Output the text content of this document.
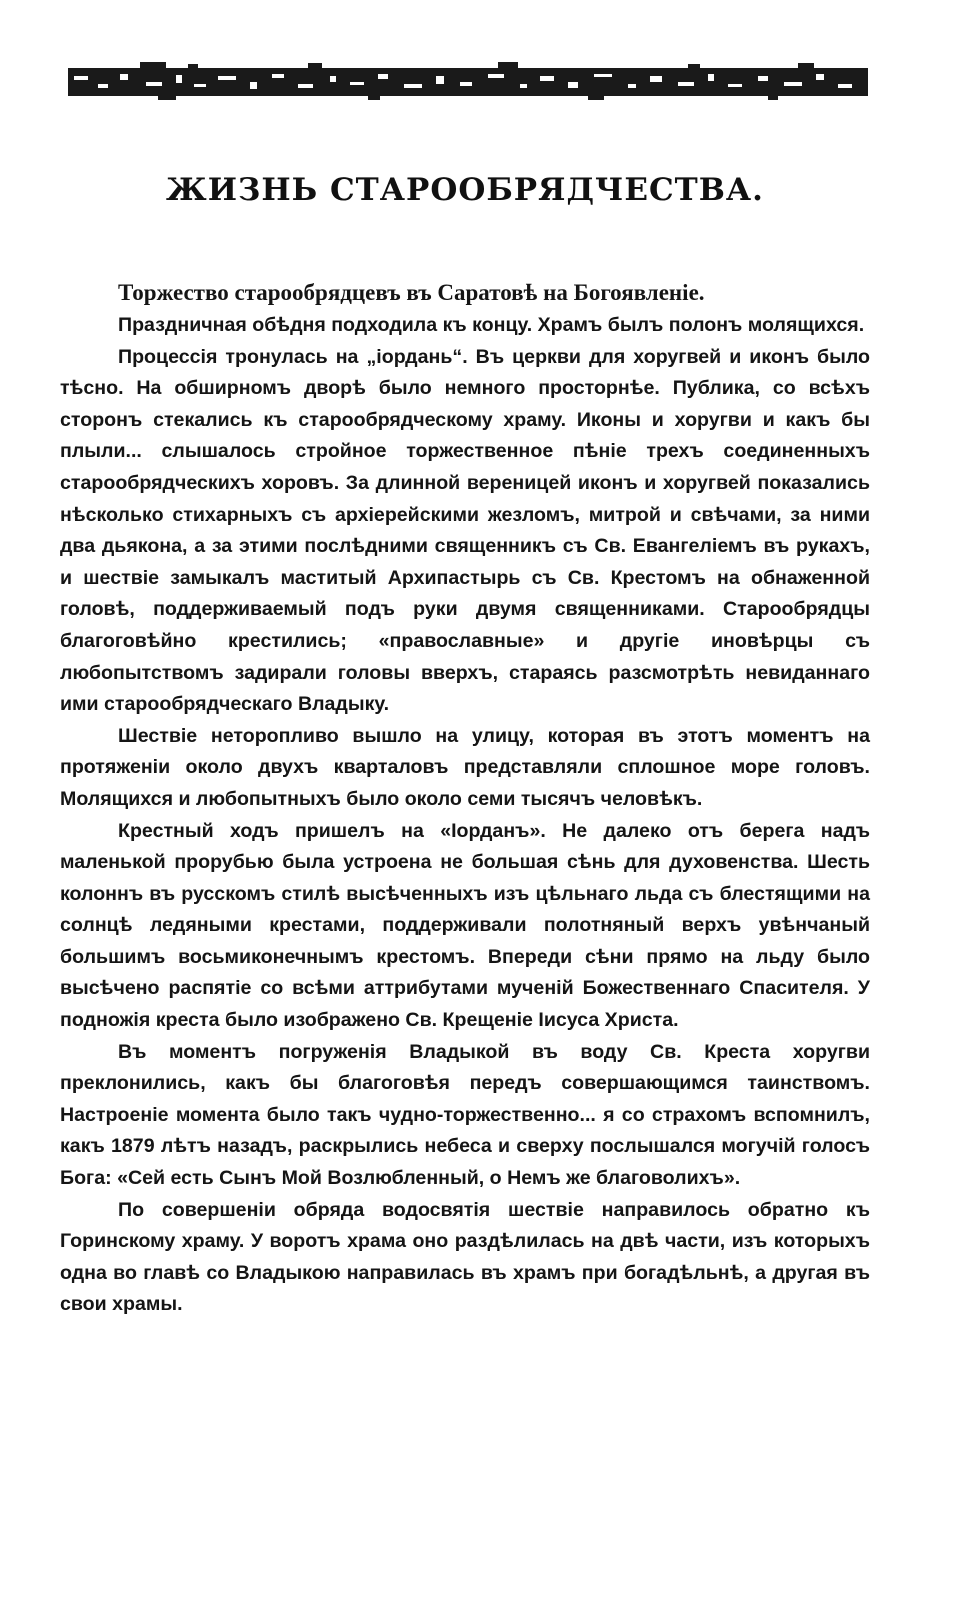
ЖИЗНЬ СТАРООБРЯДЧЕСТВА.

Торжество старообрядцевъ въ Саратовѣ на Богоявленіе.

Праздничная обѣдня подходила къ концу. Храмъ былъ полонъ молящихся.

Процессія тронулась на „іордань“. Въ церкви для хоругвей и иконъ было тѣсно. На обширномъ дворѣ было немного просторнѣе. Публика, со всѣхъ сторонъ стекались къ старообрядческому храму. Иконы и хоругви и какъ бы плыли... слышалось стройное торжественное пѣніе трехъ соединенныхъ старообрядческихъ хоровъ. За длинной вереницей иконъ и хоругвей показались нѣсколько стихарныхъ съ архіерейскими жезломъ, митрой и свѣчами, за ними два дьякона, а за этими послѣдними священникъ съ Св. Евангеліемъ въ рукахъ, и шествіе замыкалъ маститый Архипастырь съ Св. Крестомъ на обнаженной головѣ, поддерживаемый подъ руки двумя священниками. Старообрядцы благоговѣйно крестились; «православные» и другіе иновѣрцы съ любопытствомъ задирали головы вверхъ, стараясь разсмотрѣть невиданнаго ими старообрядческаго Владыку.

Шествіе неторопливо вышло на улицу, которая въ этотъ моментъ на протяженіи около двухъ кварталовъ представляли сплошное море головъ. Молящихся и любопытныхъ было около семи тысячъ человѣкъ.

Крестный ходъ пришелъ на «Іорданъ». Не далеко отъ берега надъ маленькой прорубью была устроена не большая сѣнь для духовенства. Шесть колоннъ въ русскомъ стилѣ высѣченныхъ изъ цѣльнаго льда съ блестящими на солнцѣ ледяными крестами, поддерживали полотняный верхъ увѣнчаный большимъ восьмиконечнымъ крестомъ. Впереди сѣни прямо на льду было высѣчено распятіе со всѣми аттрибутами мученій Божественнаго Спасителя. У подножія креста было изображено Св. Крещеніе Іисуса Христа.

Въ моментъ погруженія Владыкой въ воду Св. Креста хоругви преклонились, какъ бы благоговѣя передъ совершающимся таинствомъ. Настроеніе момента было такъ чудно-торжественно... я со страхомъ вспомнилъ, какъ 1879 лѣтъ назадъ, раскрылись небеса и сверху послышался могучій голосъ Бога: «Сей есть Сынъ Мой Возлюбленный, о Немъ же благоволихъ».

По совершеніи обряда водосвятія шествіе направилось обратно къ Горинскому храму. У воротъ храма оно раздѣлилась на двѣ части, изъ которыхъ одна во главѣ со Владыкою направилась въ храмъ при богадѣльнѣ, а другая въ свои храмы.
